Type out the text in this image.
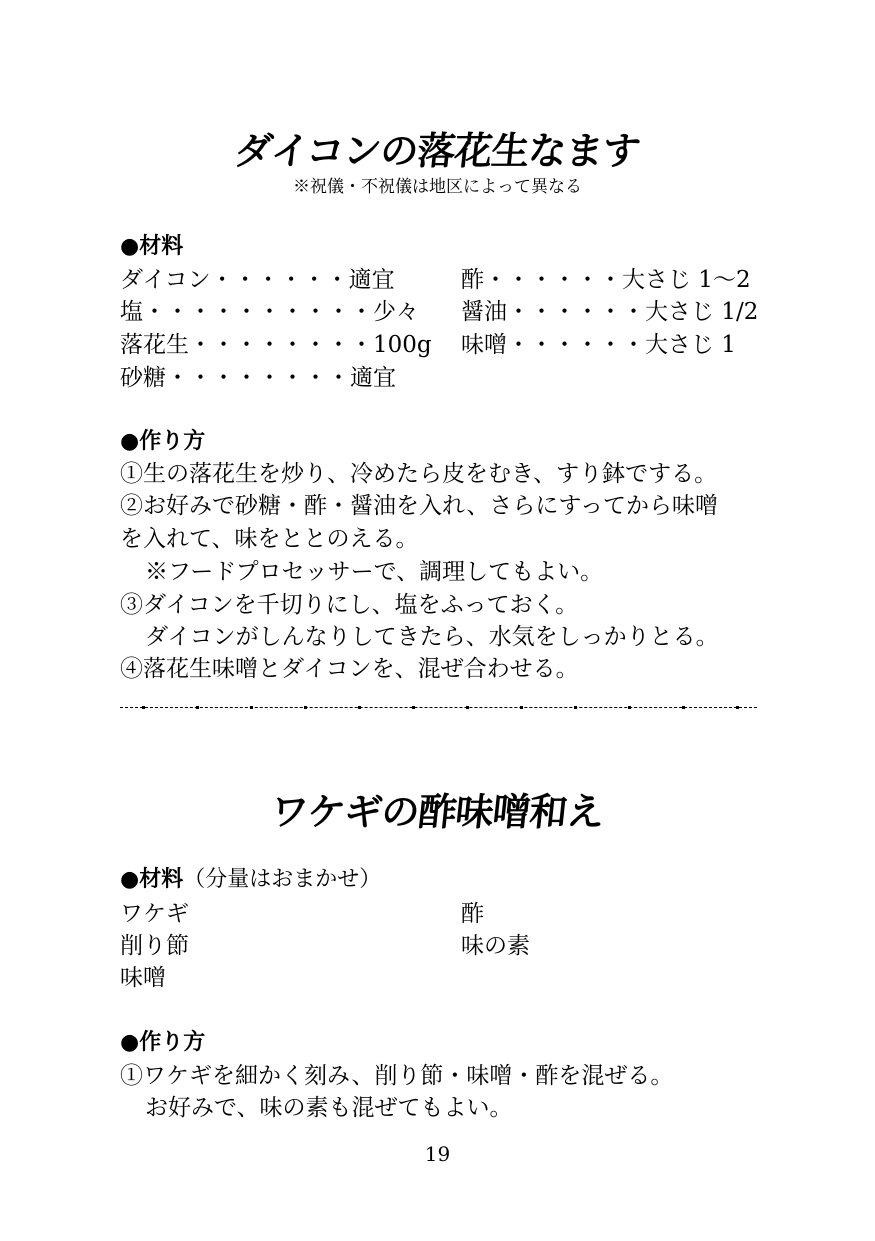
ダイコンの落花生なます
※祝儀・不祝儀は地区によって異なる
●材料
ダイコン・・・・・・適宜
塩・・・・・・・・・・少々
落花生・・・・・・・・100g
砂糖・・・・・・・・適宜
酢・・・・・・大さじ 1～2
醤油・・・・・・大さじ 1/2
味噌・・・・・・大さじ 1
●作り方
①生の落花生を炒り、冷めたら皮をむき、すり鉢でする。
②お好みで砂糖・酢・醤油を入れ、さらにすってから味噌
を入れて、味をととのえる。
※フードプロセッサーで、調理してもよい。
③ダイコンを千切りにし、塩をふっておく。
ダイコンがしんなりしてきたら、水気をしっかりとる。
④落花生味噌とダイコンを、混ぜ合わせる。
ワケギの酢味噌和え
●材料（分量はおまかせ）
ワケギ
削り節
味噌
酢
味の素
●作り方
①ワケギを細かく刻み、削り節・味噌・酢を混ぜる。
お好みで、味の素も混ぜてもよい。
19
